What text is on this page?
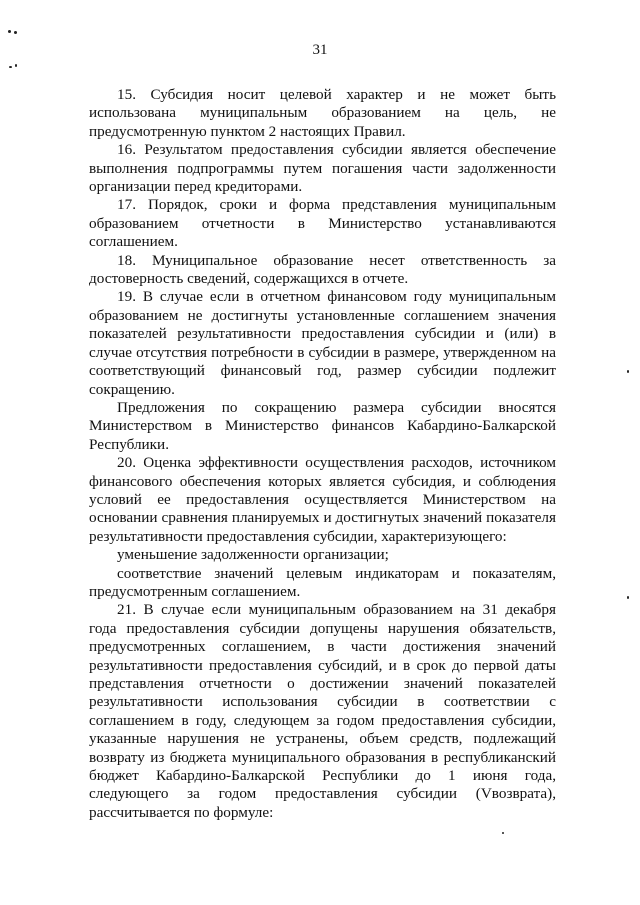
31

15. Субсидия носит целевой характер и не может быть использована муниципальным образованием на цель, не предусмотренную пунктом 2 настоящих Правил.

16. Результатом предоставления субсидии является обеспечение выполнения подпрограммы путем погашения части задолженности организации перед кредиторами.

17. Порядок, сроки и форма представления муниципальным образованием отчетности в Министерство устанавливаются соглашением.

18. Муниципальное образование несет ответственность за достоверность сведений, содержащихся в отчете.

19. В случае если в отчетном финансовом году муниципальным образованием не достигнуты установленные соглашением значения показателей результативности предоставления субсидии и (или) в случае отсутствия потребности в субсидии в размере, утвержденном на соответствующий финансовый год, размер субсидии подлежит сокращению.

Предложения по сокращению размера субсидии вносятся Министерством в Министерство финансов Кабардино-Балкарской Республики.

20. Оценка эффективности осуществления расходов, источником финансового обеспечения которых является субсидия, и соблюдения условий ее предоставления осуществляется Министерством на основании сравнения планируемых и достигнутых значений показателя результативности предоставления субсидии, характеризующего:

уменьшение задолженности организации;

соответствие значений целевым индикаторам и показателям, предусмотренным соглашением.

21. В случае если муниципальным образованием на 31 декабря года предоставления субсидии допущены нарушения обязательств, предусмотренных соглашением, в части достижения значений результативности предоставления субсидий, и в срок до первой даты представления отчетности о достижении значений показателей результативности использования субсидии в соответствии с соглашением в году, следующем за годом предоставления субсидии, указанные нарушения не устранены, объем средств, подлежащий возврату из бюджета муниципального образования в республиканский бюджет Кабардино-Балкарской Республики до 1 июня года, следующего за годом предоставления субсидии (Vвозврата), рассчитывается по формуле:
